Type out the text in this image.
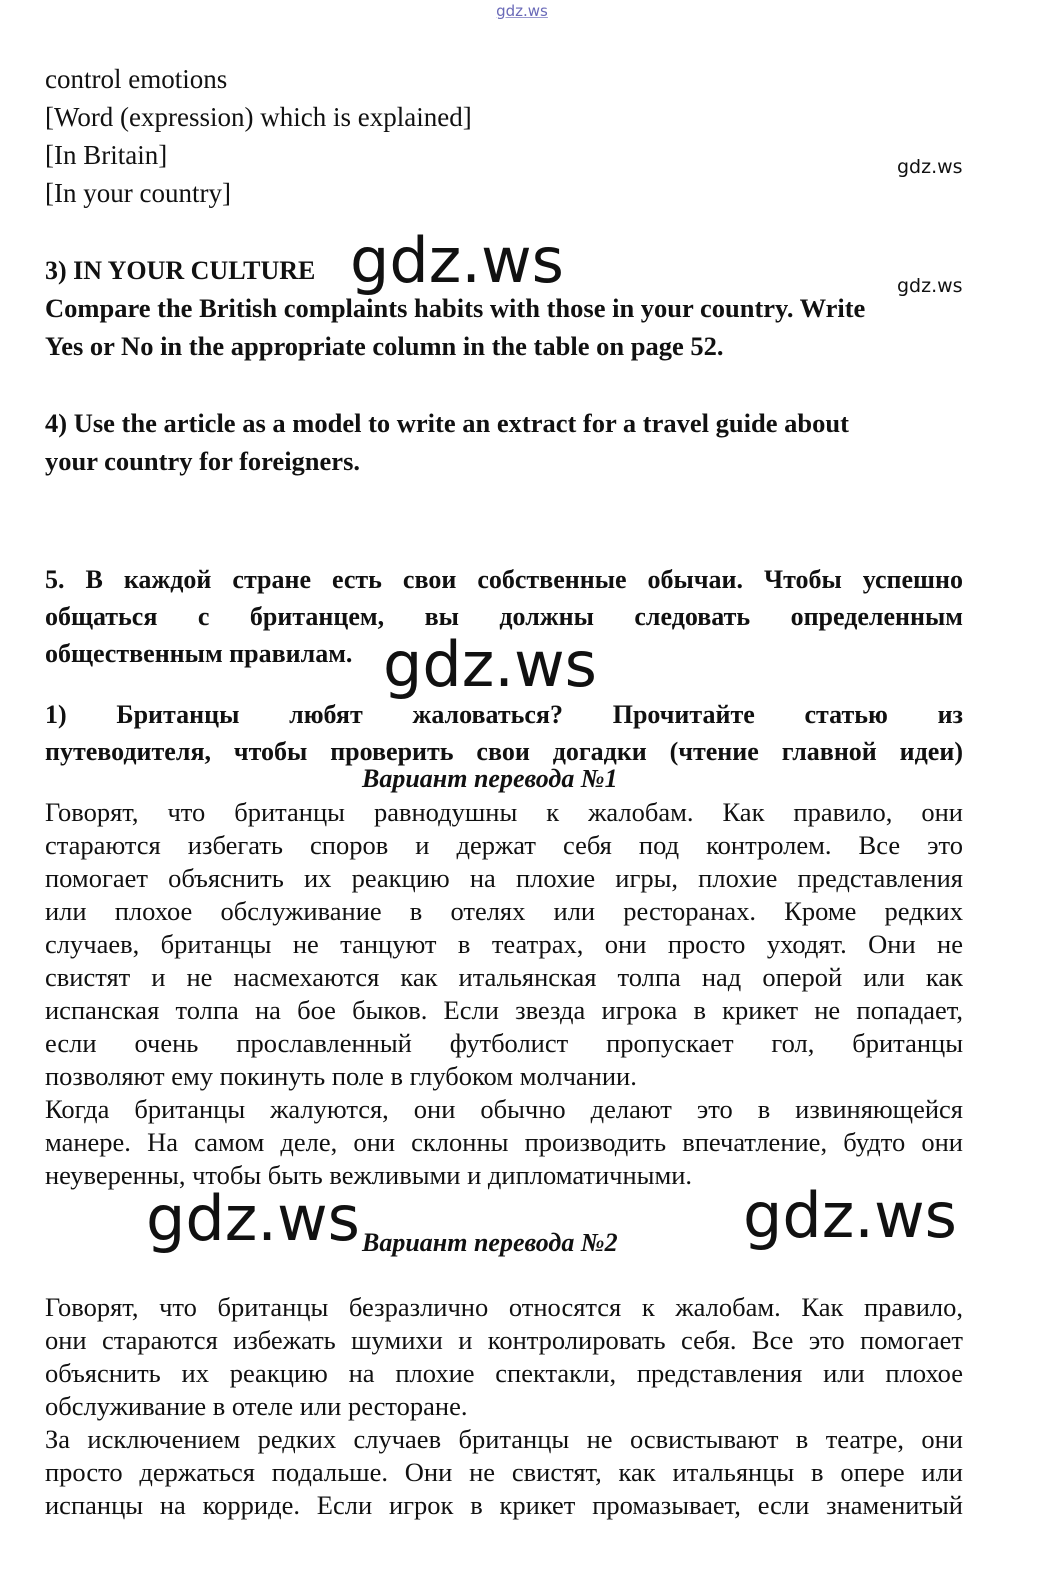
gdz.ws
gdz.ws
gdz.ws
gdz.ws
gdz.ws
gdz.ws	gdz.ws
control emotions
[Word (expression) which is explained]
[In Britain]
[In your country]
3) IN YOUR CULTURE
Compare the British complaints habits with those in your country. Write
Yes or No in the appropriate column in the table on page 52.
4) Use the article as a model to write an extract for a travel guide about
your country for foreigners.
5. В каждой стране есть свои собственные обычаи. Чтобы успешно
общаться с британцем, вы должны следовать определенным
общественным правилам.
1) Британцы любят жаловаться? Прочитайте статью из
путеводителя, чтобы проверить свои догадки (чтение главной идеи)
Вариант перевода №1
Говорят, что британцы равнодушны к жалобам. Как правило, они
стараются избегать споров и держат себя под контролем. Все это
помогает объяснить их реакцию на плохие игры, плохие представления
или плохое обслуживание в отелях или ресторанах. Кроме редких
случаев, британцы не танцуют в театрах, они просто уходят. Они не
свистят и не насмехаются как итальянская толпа над оперой или как
испанская толпа на бое быков. Если звезда игрока в крикет не попадает,
если очень прославленный футболист пропускает гол, британцы
позволяют ему покинуть поле в глубоком молчании.
Когда британцы жалуются, они обычно делают это в извиняющейся
манере. На самом деле, они склонны производить впечатление, будто они
неуверенны, чтобы быть вежливыми и дипломатичными.
Вариант перевода №2
Говорят, что британцы безразлично относятся к жалобам. Как правило,
они стараются избежать шумихи и контролировать себя. Все это помогает
объяснить их реакцию на плохие спектакли, представления или плохое
обслуживание в отеле или ресторане.
За исключением редких случаев британцы не освистывают в театре, они
просто держаться подальше. Они не свистят, как итальянцы в опере или
испанцы на корриде. Если игрок в крикет промазывает, если знаменитый
